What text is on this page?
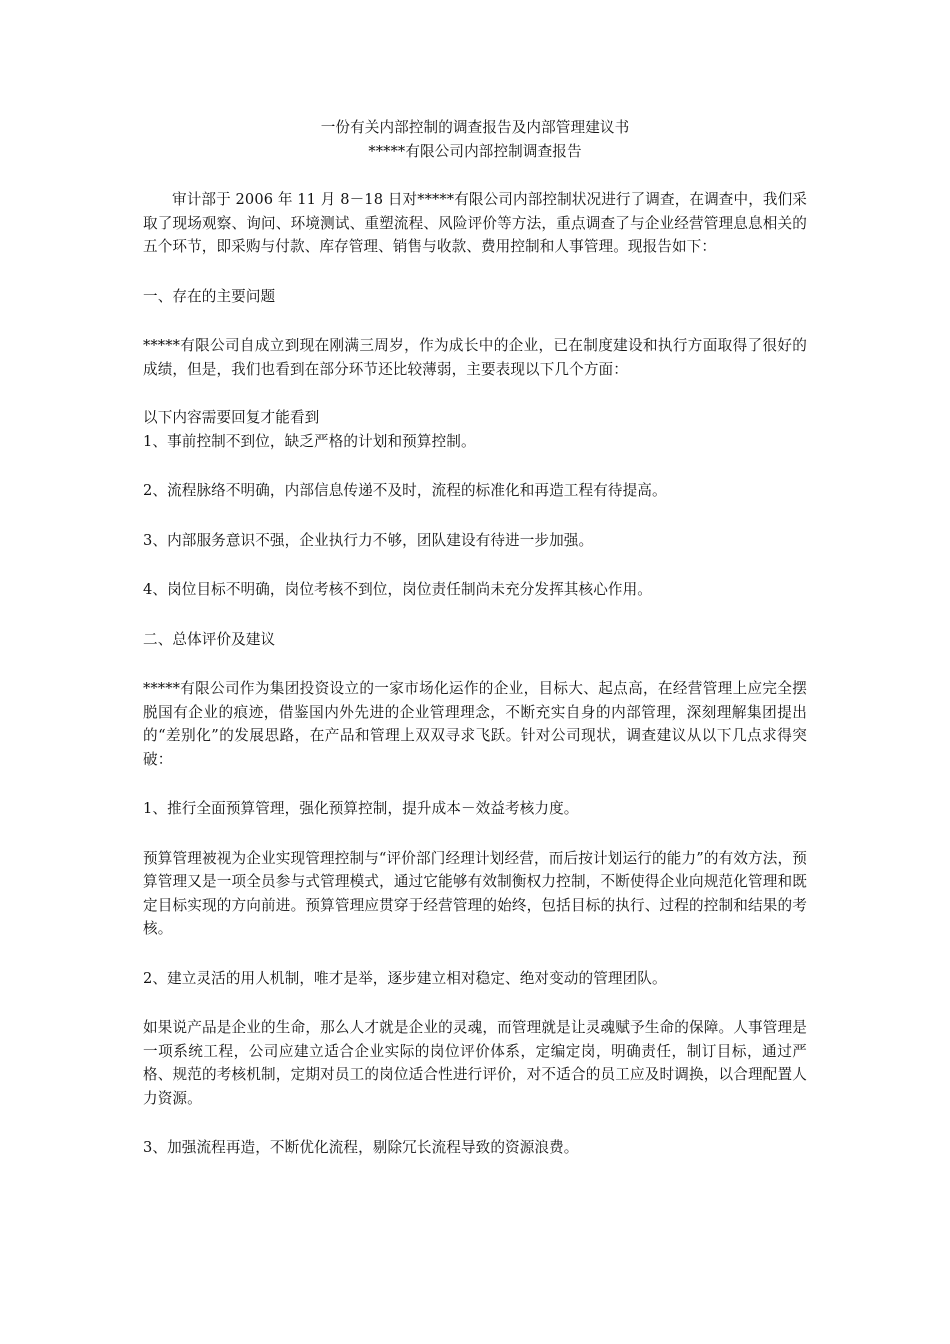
一份有关内部控制的调查报告及内部管理建议书

*****有限公司内部控制调查报告

审计部于 2006 年 11 月 8－18 日对*****有限公司内部控制状况进行了调查，在调查中，我们采取了现场观察、询问、环境测试、重塑流程、风险评价等方法，重点调查了与企业经营管理息息相关的五个环节，即采购与付款、库存管理、销售与收款、费用控制和人事管理。现报告如下：

一、存在的主要问题

*****有限公司自成立到现在刚满三周岁，作为成长中的企业，已在制度建设和执行方面取得了很好的成绩，但是，我们也看到在部分环节还比较薄弱，主要表现以下几个方面：

以下内容需要回复才能看到

1、事前控制不到位，缺乏严格的计划和预算控制。

2、流程脉络不明确，内部信息传递不及时，流程的标准化和再造工程有待提高。

3、内部服务意识不强，企业执行力不够，团队建设有待进一步加强。

4、岗位目标不明确，岗位考核不到位，岗位责任制尚未充分发挥其核心作用。

二、总体评价及建议

*****有限公司作为集团投资设立的一家市场化运作的企业，目标大、起点高，在经营管理上应完全摆脱国有企业的痕迹，借鉴国内外先进的企业管理理念，不断充实自身的内部管理，深刻理解集团提出的“差别化”的发展思路，在产品和管理上双双寻求飞跃。针对公司现状，调查建议从以下几点求得突破：

1、推行全面预算管理，强化预算控制，提升成本－效益考核力度。

预算管理被视为企业实现管理控制与“评价部门经理计划经营，而后按计划运行的能力”的有效方法，预算管理又是一项全员参与式管理模式，通过它能够有效制衡权力控制，不断使得企业向规范化管理和既定目标实现的方向前进。预算管理应贯穿于经营管理的始终，包括目标的执行、过程的控制和结果的考核。

2、建立灵活的用人机制，唯才是举，逐步建立相对稳定、绝对变动的管理团队。

如果说产品是企业的生命，那么人才就是企业的灵魂，而管理就是让灵魂赋予生命的保障。人事管理是一项系统工程，公司应建立适合企业实际的岗位评价体系，定编定岗，明确责任，制订目标，通过严格、规范的考核机制，定期对员工的岗位适合性进行评价，对不适合的员工应及时调换，以合理配置人力资源。

3、加强流程再造，不断优化流程，剔除冗长流程导致的资源浪费。
